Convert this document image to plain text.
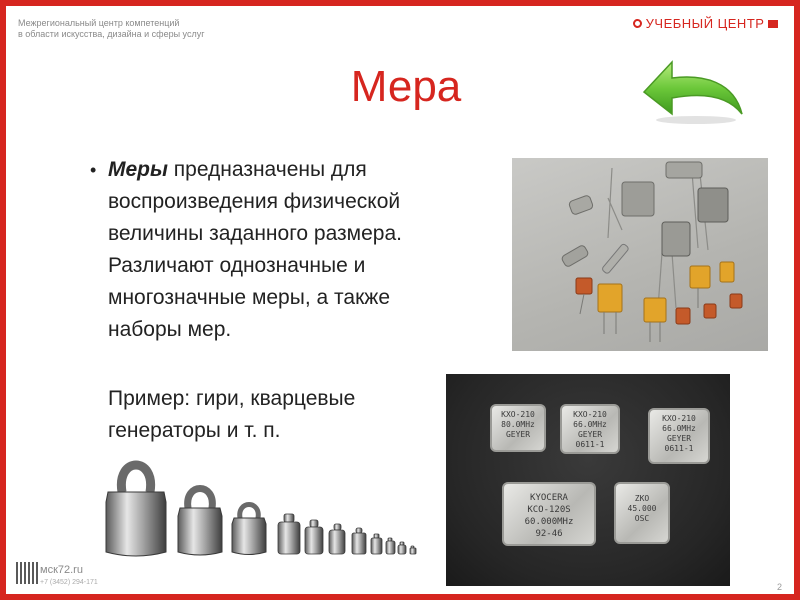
Межрегиональный центр компетенций
в области искусства, дизайна и сферы услуг
УЧЕБНЫЙ ЦЕНТР

Мера
• Меры предназначены для воспроизведения физической величины заданного размера. Различают однозначные и многозначные меры, а также наборы мер.
Пример: гири, кварцевые генераторы и т. п.
KXO-210
80.0MHz
GEYER
KXO-210
66.0MHz
GEYER
0611-1
KXO-210
66.0MHz
GEYER
0611-1
KYOCERA
KCO-120S
60.000MHz
92-46
ZKO
45.000
OSC
мск72.ru
+7 (3452) 294-171	2
